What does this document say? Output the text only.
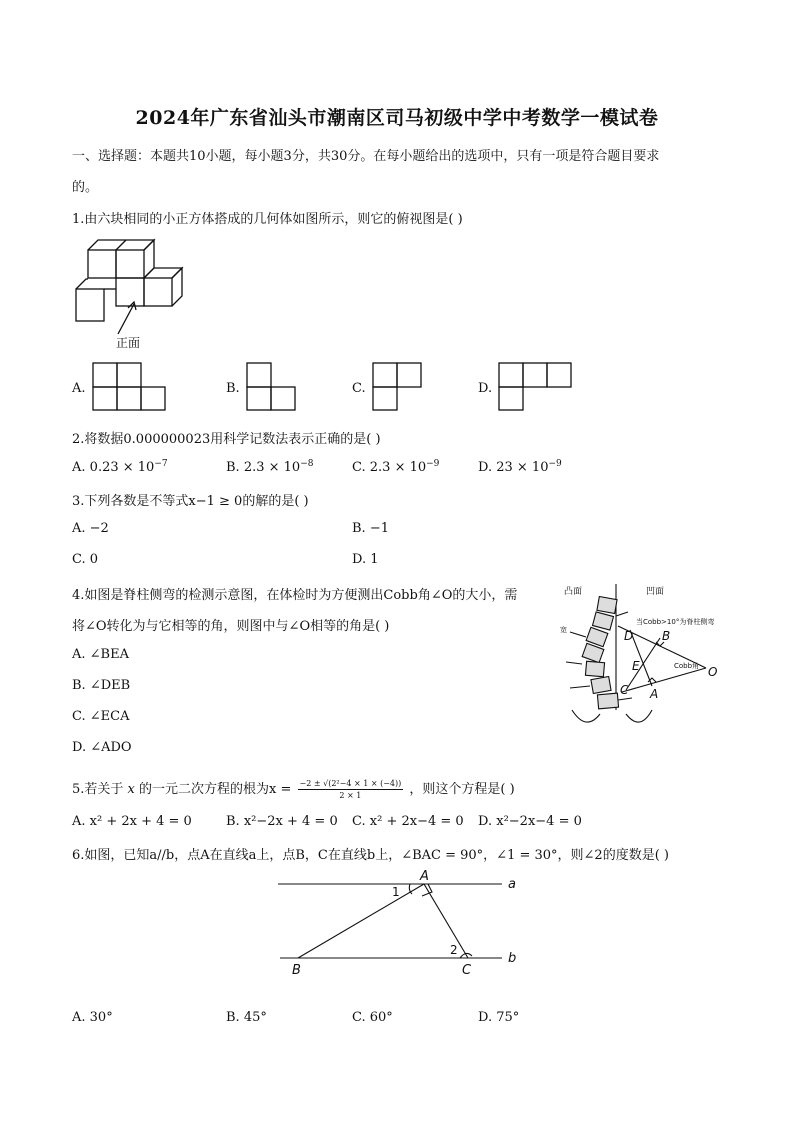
2024年广东省汕头市潮南区司马初级中学中考数学一模试卷
一、选择题：本题共10小题，每小题3分，共30分。在每小题给出的选项中，只有一项是符合题目要求
的。
1.由六块相同的小正方体搭成的几何体如图所示，则它的俯视图是( )
正面
A.	B.	C.	D.
2.将数据0.000000023用科学记数法表示正确的是( )
A. $0.23 \times 10^{-7}$	B. $2.3 \times 10^{-8}$	C. $2.3 \times 10^{-9}$	D. $23 \times 10^{-9}$
3.下列各数是不等式x−1 ≥ 0的解的是( )
A. −2	B. −1
C. 0	D. 1
4.如图是脊柱侧弯的检测示意图，在体检时为方便测出Cobb角∠O的大小，需
将∠O转化为与它相等的角，则图中与∠O相等的角是( )
A. ∠BEA
B. ∠DEB
C. ∠ECA
D. ∠ADO
凸面	凹面
当Cobb>10°为脊柱侧弯
Cobb角
宽	D B
E
C A
O
5.若关于 x 的一元二次方程的根为$x = \frac{\text{−2 ± √(2²−4 × 1 × (−4))}}{2 \times 1}$ ，则这个方程是( )
A. x² + 2x + 4 = 0	B. x²−2x + 4 = 0 C. x² + 2x−4 = 0 D. x²−2x−4 = 0
6.如图，已知a//b，点A在直线a上，点B，C在直线b上，∠BAC = 90°，∠1 = 30°，则∠2的度数是( )
A
B	C
a
b
1
2
A. 30°	B. 45°	C. 60°	D. 75°
